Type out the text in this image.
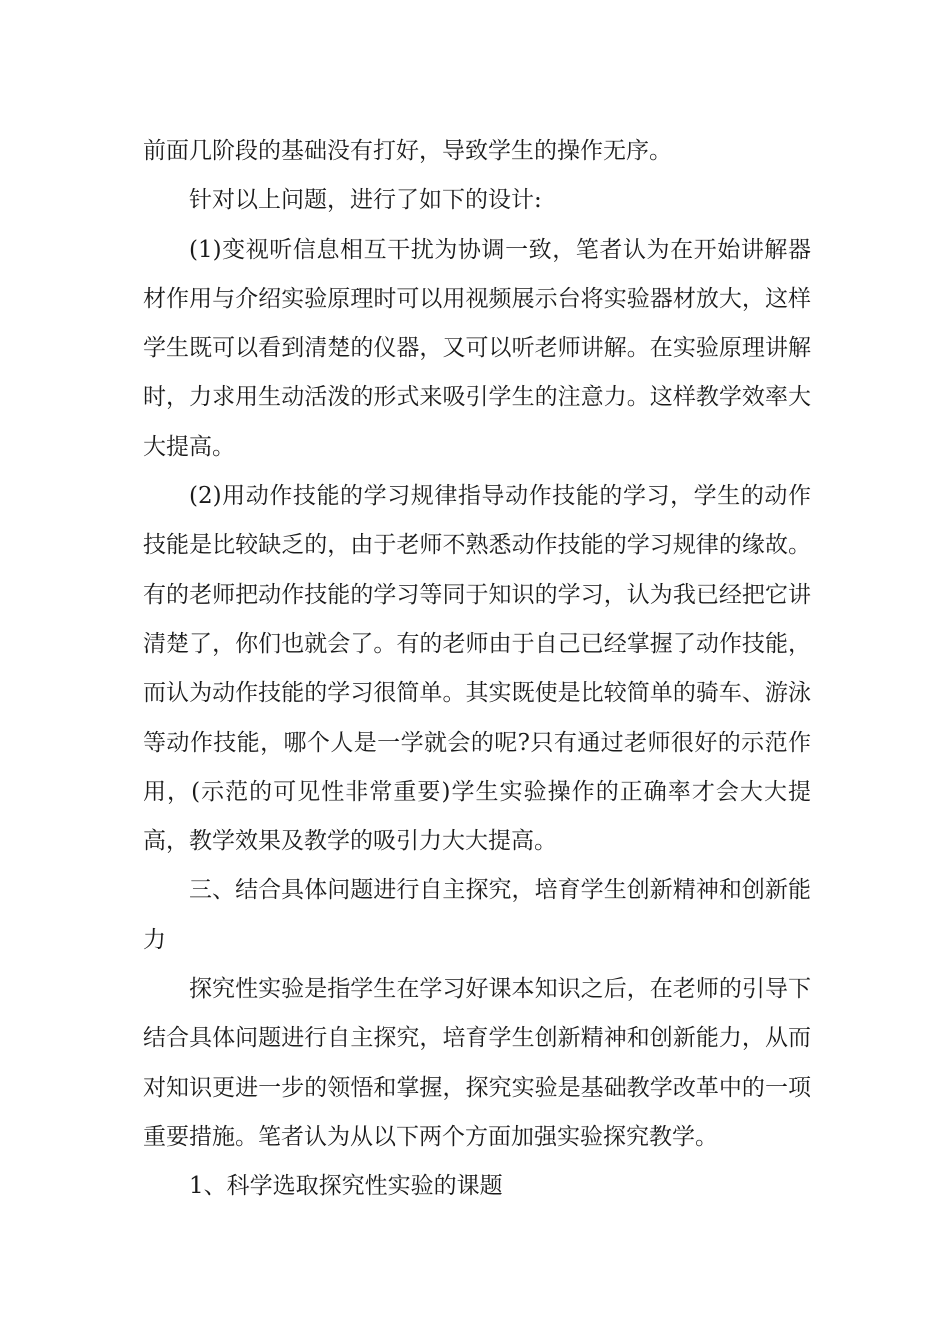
前面几阶段的基础没有打好，导致学生的操作无序。

针对以上问题，进行了如下的设计:

(1)变视听信息相互干扰为协调一致，笔者认为在开始讲解器材作用与介绍实验原理时可以用视频展示台将实验器材放大，这样学生既可以看到清楚的仪器，又可以听老师讲解。在实验原理讲解时，力求用生动活泼的形式来吸引学生的注意力。这样教学效率大大提高。

(2)用动作技能的学习规律指导动作技能的学习，学生的动作技能是比较缺乏的，由于老师不熟悉动作技能的学习规律的缘故。有的老师把动作技能的学习等同于知识的学习，认为我已经把它讲清楚了，你们也就会了。有的老师由于自己已经掌握了动作技能，而认为动作技能的学习很简单。其实既使是比较简单的骑车、游泳等动作技能，哪个人是一学就会的呢?只有通过老师很好的示范作用，(示范的可见性非常重要)学生实验操作的正确率才会大大提高，教学效果及教学的吸引力大大提高。

三、结合具体问题进行自主探究，培育学生创新精神和创新能力

探究性实验是指学生在学习好课本知识之后，在老师的引导下结合具体问题进行自主探究，培育学生创新精神和创新能力，从而对知识更进一步的领悟和掌握，探究实验是基础教学改革中的一项重要措施。笔者认为从以下两个方面加强实验探究教学。

1、科学选取探究性实验的课题
